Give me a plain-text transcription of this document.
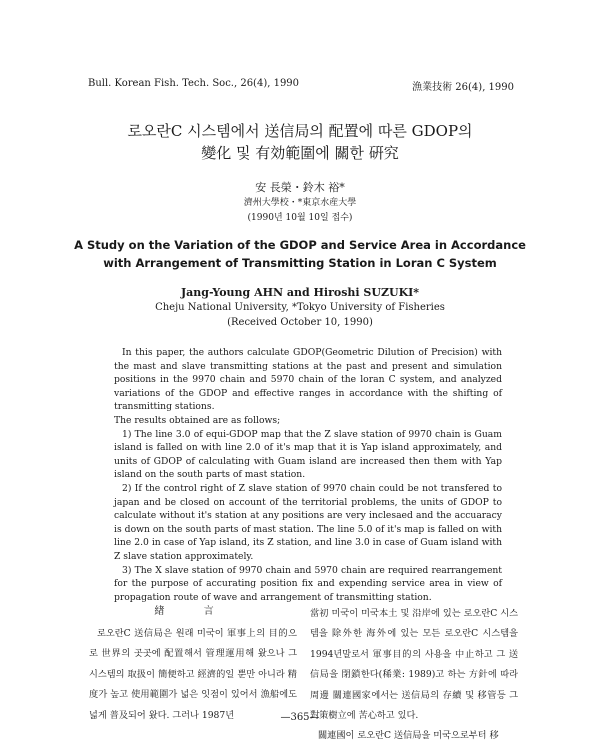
Bull. Korean Fish. Tech. Soc., 26(4), 1990	漁業技術 26(4), 1990
로오란C 시스템에서 送信局의 配置에 따른 GDOP의
變化 및 有効範圍에 關한 硏究
安 長榮・鈴木 裕*
濟州大學校・*東京水産大學
(1990년 10월 10일 접수)
A Study on the Variation of the GDOP and Service Area in Accordance
with Arrangement of Transmitting Station in Loran C System
Jang-Young AHN and Hiroshi SUZUKI*
Cheju National University, *Tokyo University of Fisheries
(Received October 10, 1990)

In this paper, the authors calculate GDOP(Geometric Dilution of Precision) with the mast and slave transmitting stations at the past and present and simulation positions in the 9970 chain and 5970 chain of the loran C system, and analyzed variations of the GDOP and effective ranges in accordance with the shifting of transmitting stations.

The results obtained are as follows;

1) The line 3.0 of equi-GDOP map that the Z slave station of 9970 chain is Guam island is falled on with line 2.0 of it's map that it is Yap island approximately, and units of GDOP of calculating with Guam island are increased then them with Yap island on the south parts of mast station.

2) If the control right of Z slave station of 9970 chain could be not transfered to japan and be closed on account of the territorial problems, the units of GDOP to calculate without it's station at any positions are very inclesaed and the accuaracy is down on the south parts of mast station. The line 5.0 of it's map is falled on with line 2.0 in case of Yap island, its Z station, and line 3.0 in case of Guam island with Z slave station approximately.

3) The X slave station of 9970 chain and 5970 chain are required rearrangement for the purpose of accurating position fix and expending service area in view of propagation route of wave and arrangement of transmitting station.

緖 言

로오란C 送信局은 원래 미국이 軍事上의 目的으로 世界의 곳곳에 配置해서 管理運用해 왔으나 그 시스템의 取扱이 簡便하고 經濟的일 뿐만 아니라 精度가 높고 使用範圍가 넓은 잇점이 있어서 漁船에도 넓게 普及되어 왔다. 그러나 1987년

當初 미국이 미국本土 및 沿岸에 있는 로오란C 시스템을 除外한 海外에 있는 모든 로오란C 시스템을 1994년말로서 軍事目的의 사용을 中止하고 그 送信局을 閉鎖한다(稀業: 1989)고 하는 方針에 따라 周邊 關連國家에서는 送信局의 存續 및 移管등 그 對策樹立에 苦心하고 있다.

關連國이 로오란C 送信局을 미국으로부터 移

—365—
